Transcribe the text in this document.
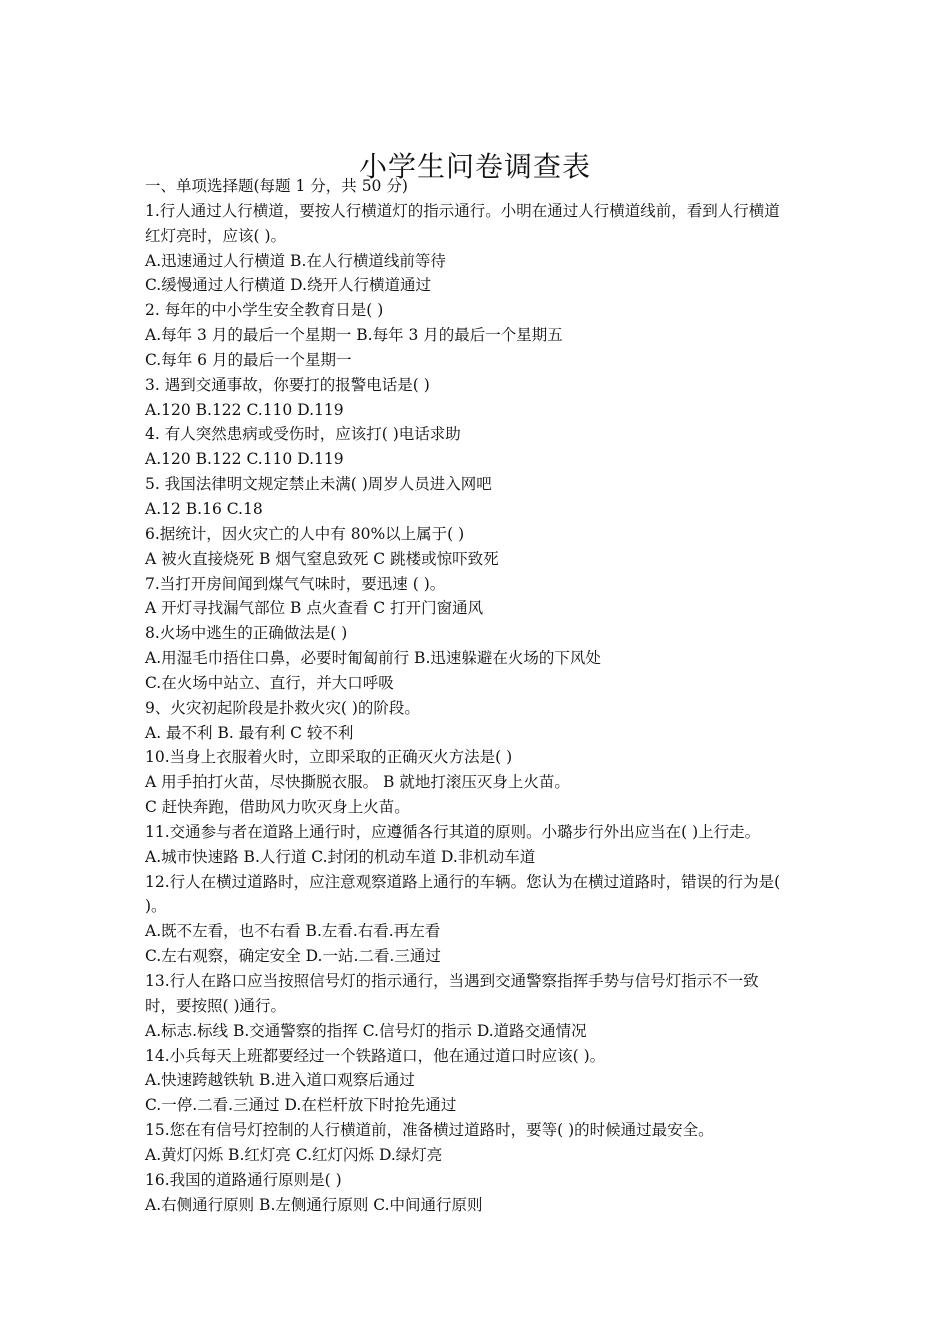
小学生问卷调查表

一、单项选择题(每题 1 分，共 50 分)

1.行人通过人行横道，要按人行横道灯的指示通行。小明在通过人行横道线前，看到人行横道

红灯亮时，应该( )。

A.迅速通过人行横道 B.在人行横道线前等待

C.缓慢通过人行横道 D.绕开人行横道通过

2. 每年的中小学生安全教育日是( )

A.每年 3 月的最后一个星期一 B.每年 3 月的最后一个星期五

C.每年 6 月的最后一个星期一

3. 遇到交通事故，你要打的报警电话是( )

A.120 B.122 C.110 D.119

4. 有人突然患病或受伤时，应该打( )电话求助

A.120 B.122 C.110 D.119

5. 我国法律明文规定禁止未满( )周岁人员进入网吧

A.12 B.16 C.18

6.据统计，因火灾亡的人中有 80%以上属于( )

A 被火直接烧死 B 烟气窒息致死 C 跳楼或惊吓致死

7.当打开房间闻到煤气气味时，要迅速 ( )。

A 开灯寻找漏气部位 B 点火查看 C 打开门窗通风

8.火场中逃生的正确做法是( )

A.用湿毛巾捂住口鼻，必要时匍匐前行 B.迅速躲避在火场的下风处

C.在火场中站立、直行，并大口呼吸

9、火灾初起阶段是扑救火灾( )的阶段。

A. 最不利 B. 最有利 C 较不利

10.当身上衣服着火时，立即采取的正确灭火方法是( )

A 用手拍打火苗，尽快撕脱衣服。 B 就地打滚压灭身上火苗。

C 赶快奔跑，借助风力吹灭身上火苗。

11.交通参与者在道路上通行时，应遵循各行其道的原则。小璐步行外出应当在( )上行走。

A.城市快速路 B.人行道 C.封闭的机动车道 D.非机动车道

12.行人在横过道路时，应注意观察道路上通行的车辆。您认为在横过道路时，错误的行为是(

)。

A.既不左看，也不右看 B.左看.右看.再左看

C.左右观察，确定安全 D.一站.二看.三通过

13.行人在路口应当按照信号灯的指示通行，当遇到交通警察指挥手势与信号灯指示不一致

时，要按照( )通行。

A.标志.标线 B.交通警察的指挥 C.信号灯的指示 D.道路交通情况

14.小兵每天上班都要经过一个铁路道口，他在通过道口时应该( )。

A.快速跨越铁轨 B.进入道口观察后通过

C.一停.二看.三通过 D.在栏杆放下时抢先通过

15.您在有信号灯控制的人行横道前，准备横过道路时，要等( )的时候通过最安全。

A.黄灯闪烁 B.红灯亮 C.红灯闪烁 D.绿灯亮

16.我国的道路通行原则是( )

A.右侧通行原则 B.左侧通行原则 C.中间通行原则
